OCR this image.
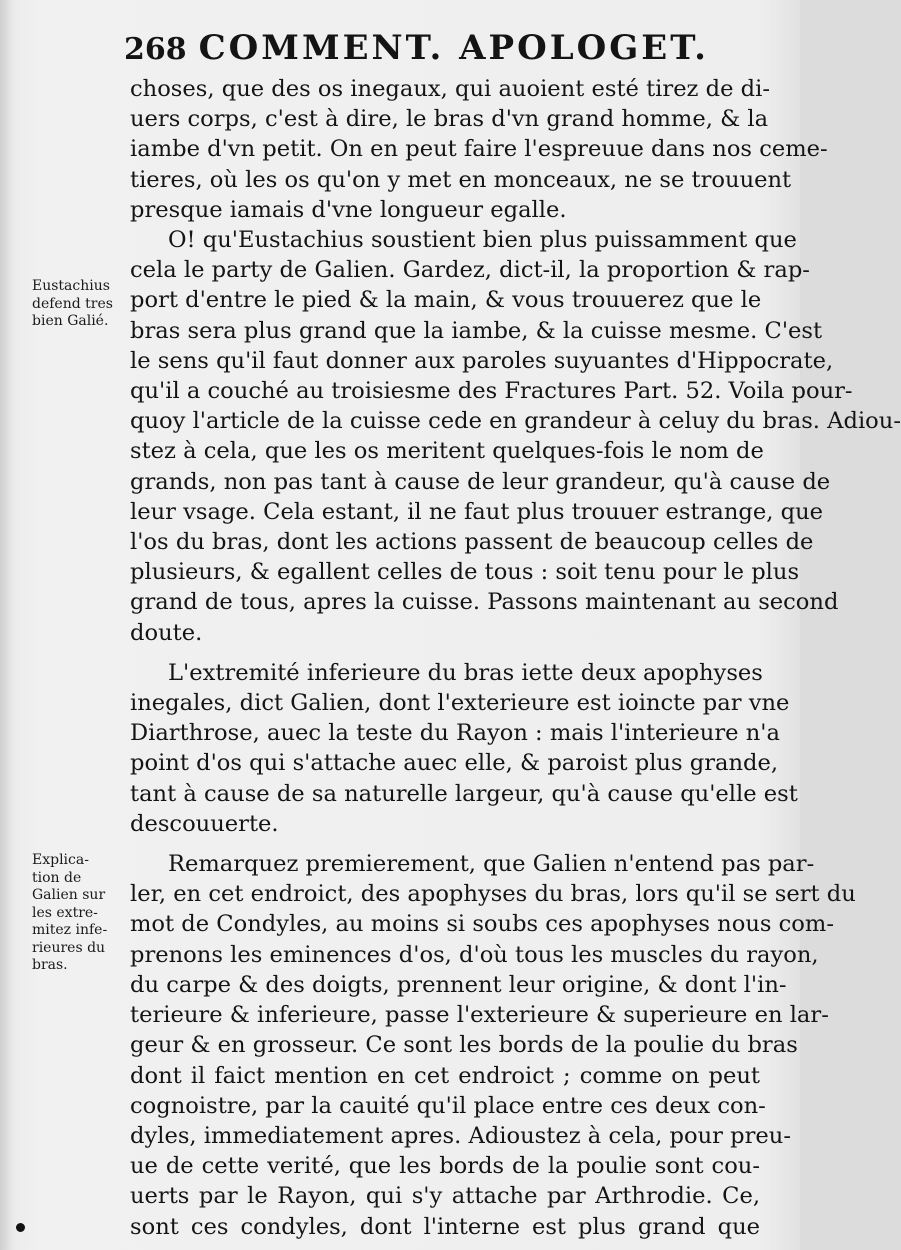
268 COMMENT. APOLOGET.
Eustachius
defend tres
bien Galié.
Explica-
tion de
Galien sur
les extre-
mitez infe-
rieures du
bras.

choses, que des os inegaux, qui auoient esté tirez de di-
uers corps, c'est à dire, le bras d'vn grand homme, & la
iambe d'vn petit. On en peut faire l'espreuue dans nos ceme-
tieres, où les os qu'on y met en monceaux, ne se trouuent
presque iamais d'vne longueur egalle.

O! qu'Eustachius soustient bien plus puissamment que
cela le party de Galien. Gardez, dict-il, la proportion & rap-
port d'entre le pied & la main, & vous trouuerez que le
bras sera plus grand que la iambe, & la cuisse mesme. C'est
le sens qu'il faut donner aux paroles suyuantes d'Hippocrate,
qu'il a couché au troisiesme des Fractures Part. 52. Voila pour-
quoy l'article de la cuisse cede en grandeur à celuy du bras. Adiou-
stez à cela, que les os meritent quelques-fois le nom de
grands, non pas tant à cause de leur grandeur, qu'à cause de
leur vsage. Cela estant, il ne faut plus trouuer estrange, que
l'os du bras, dont les actions passent de beaucoup celles de
plusieurs, & egallent celles de tous : soit tenu pour le plus
grand de tous, apres la cuisse. Passons maintenant au second
doute.

L'extremité inferieure du bras iette deux apophyses
inegales, dict Galien, dont l'exterieure est ioincte par vne
Diarthrose, auec la teste du Rayon : mais l'interieure n'a
point d'os qui s'attache auec elle, & paroist plus grande,
tant à cause de sa naturelle largeur, qu'à cause qu'elle est
descouuerte.

Remarquez premierement, que Galien n'entend pas par-
ler, en cet endroict, des apophyses du bras, lors qu'il se sert du
mot de Condyles, au moins si soubs ces apophyses nous com-
prenons les eminences d'os, d'où tous les muscles du rayon,
du carpe & des doigts, prennent leur origine, & dont l'in-
terieure & inferieure, passe l'exterieure & superieure en lar-
geur & en grosseur. Ce sont les bords de la poulie du bras
dont il faict mention en cet endroict ; comme on peut
cognoistre, par la cauité qu'il place entre ces deux con-
dyles, immediatement apres. Adioustez à cela, pour preu-
ue de cette verité, que les bords de la poulie sont cou-
uerts par le Rayon, qui s'y attache par Arthrodie. Ce,
sont ces condyles, dont l'interne est plus grand que
